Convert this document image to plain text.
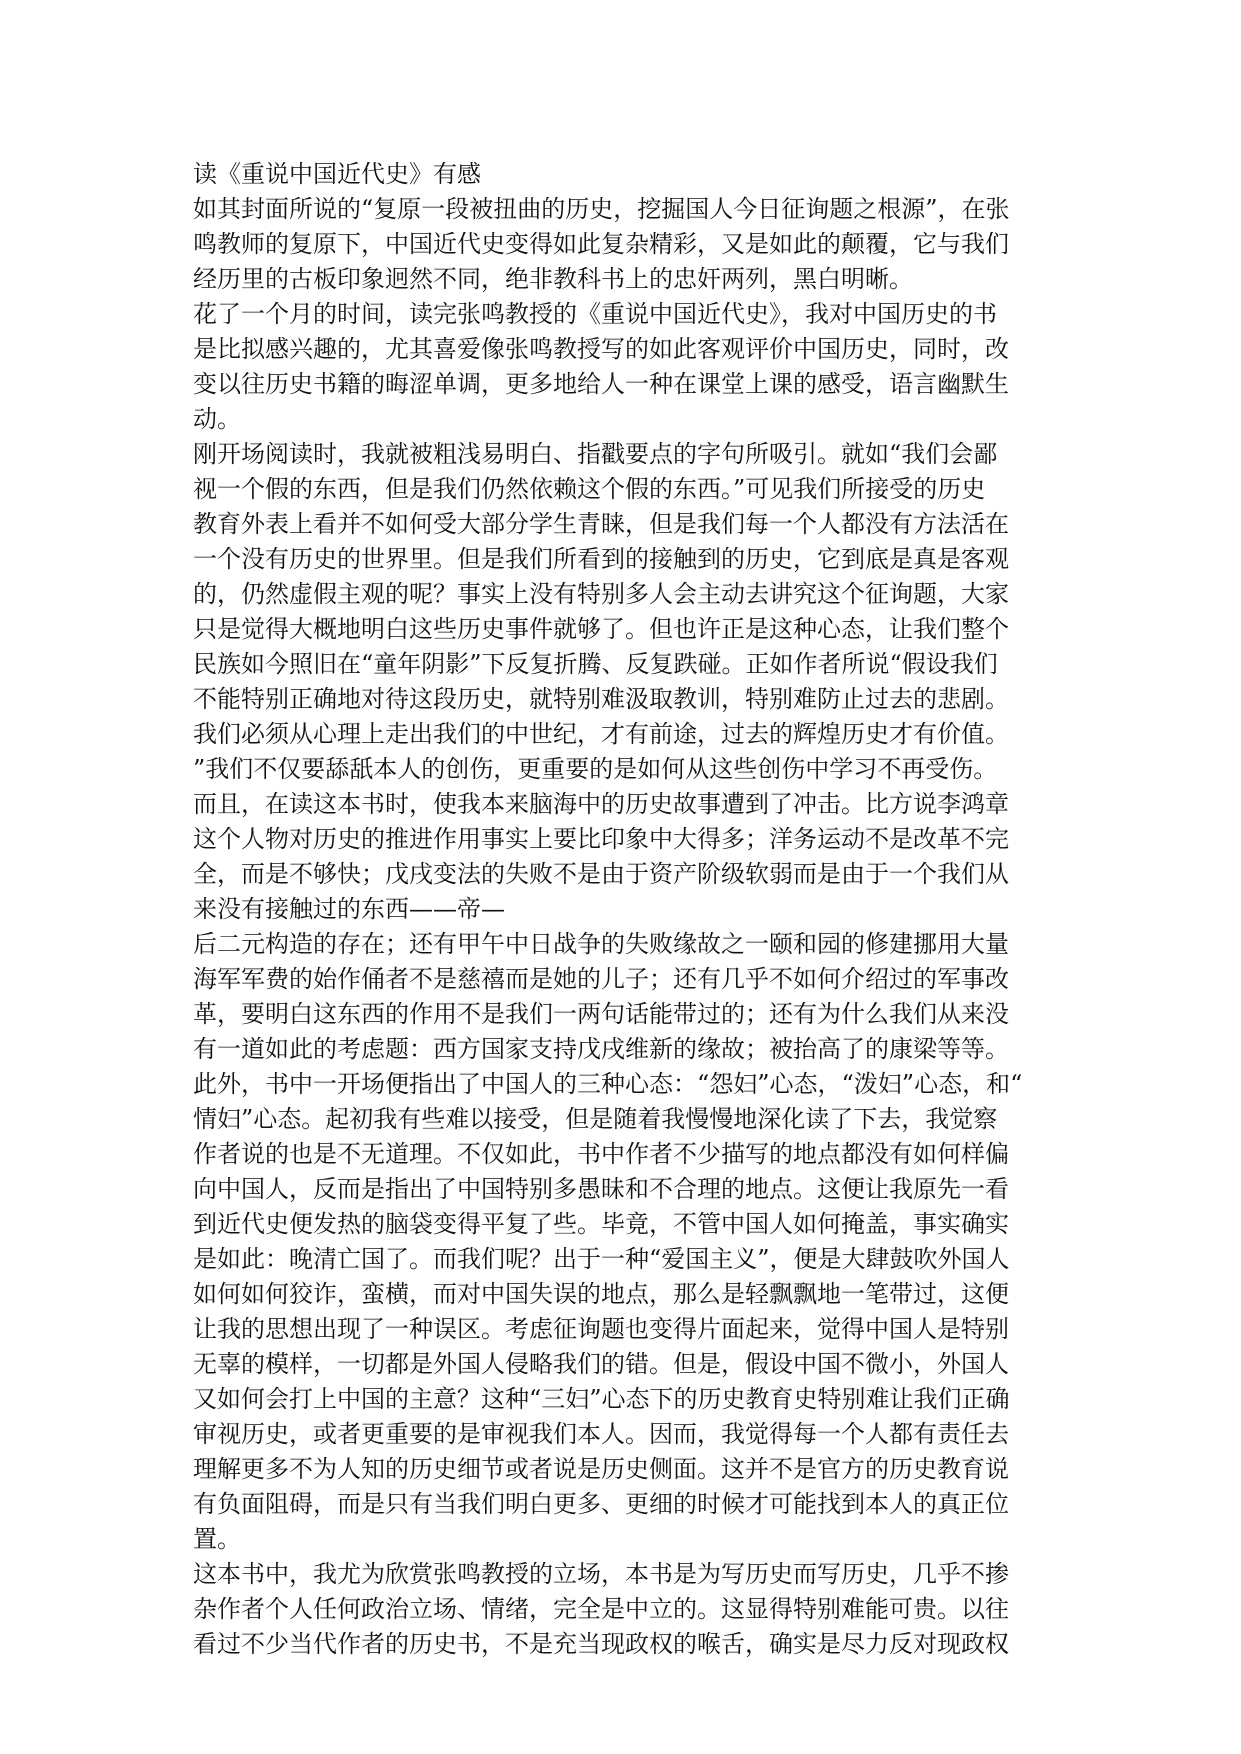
读《重说中国近代史》有感
如其封面所说的“复原一段被扭曲的历史，挖掘国人今日征询题之根源”，在张
鸣教师的复原下，中国近代史变得如此复杂精彩，又是如此的颠覆，它与我们
经历里的古板印象迥然不同，绝非教科书上的忠奸两列，黑白明晰。
花了一个月的时间，读完张鸣教授的《重说中国近代史》，我对中国历史的书
是比拟感兴趣的，尤其喜爱像张鸣教授写的如此客观评价中国历史，同时，改
变以往历史书籍的晦涩单调，更多地给人一种在课堂上课的感受，语言幽默生
动。
刚开场阅读时，我就被粗浅易明白、指戳要点的字句所吸引。就如“我们会鄙
视一个假的东西，但是我们仍然依赖这个假的东西。”可见我们所接受的历史
教育外表上看并不如何受大部分学生青睐，但是我们每一个人都没有方法活在
一个没有历史的世界里。但是我们所看到的接触到的历史，它到底是真是客观
的，仍然虚假主观的呢？事实上没有特别多人会主动去讲究这个征询题，大家
只是觉得大概地明白这些历史事件就够了。但也许正是这种心态，让我们整个
民族如今照旧在“童年阴影”下反复折腾、反复跌碰。正如作者所说“假设我们
不能特别正确地对待这段历史，就特别难汲取教训，特别难防止过去的悲剧。
我们必须从心理上走出我们的中世纪，才有前途，过去的辉煌历史才有价值。
”我们不仅要舔舐本人的创伤，更重要的是如何从这些创伤中学习不再受伤。
而且，在读这本书时，使我本来脑海中的历史故事遭到了冲击。比方说李鸿章
这个人物对历史的推进作用事实上要比印象中大得多；洋务运动不是改革不完
全，而是不够快；戊戌变法的失败不是由于资产阶级软弱而是由于一个我们从
来没有接触过的东西——帝—
后二元构造的存在；还有甲午中日战争的失败缘故之一颐和园的修建挪用大量
海军军费的始作俑者不是慈禧而是她的儿子；还有几乎不如何介绍过的军事改
革，要明白这东西的作用不是我们一两句话能带过的；还有为什么我们从来没
有一道如此的考虑题：西方国家支持戊戌维新的缘故；被抬高了的康梁等等。
此外，书中一开场便指出了中国人的三种心态：“怨妇”心态，“泼妇”心态，和“
情妇”心态。起初我有些难以接受，但是随着我慢慢地深化读了下去，我觉察
作者说的也是不无道理。不仅如此，书中作者不少描写的地点都没有如何样偏
向中国人，反而是指出了中国特别多愚昧和不合理的地点。这便让我原先一看
到近代史便发热的脑袋变得平复了些。毕竟，不管中国人如何掩盖，事实确实
是如此：晚清亡国了。而我们呢？出于一种“爱国主义”，便是大肆鼓吹外国人
如何如何狡诈，蛮横，而对中国失误的地点，那么是轻飘飘地一笔带过，这便
让我的思想出现了一种误区。考虑征询题也变得片面起来，觉得中国人是特别
无辜的模样，一切都是外国人侵略我们的错。但是，假设中国不微小，外国人
又如何会打上中国的主意？这种“三妇”心态下的历史教育史特别难让我们正确
审视历史，或者更重要的是审视我们本人。因而，我觉得每一个人都有责任去
理解更多不为人知的历史细节或者说是历史侧面。这并不是官方的历史教育说
有负面阻碍，而是只有当我们明白更多、更细的时候才可能找到本人的真正位
置。
这本书中，我尤为欣赏张鸣教授的立场，本书是为写历史而写历史，几乎不掺
杂作者个人任何政治立场、情绪，完全是中立的。这显得特别难能可贵。以往
看过不少当代作者的历史书，不是充当现政权的喉舌，确实是尽力反对现政权
